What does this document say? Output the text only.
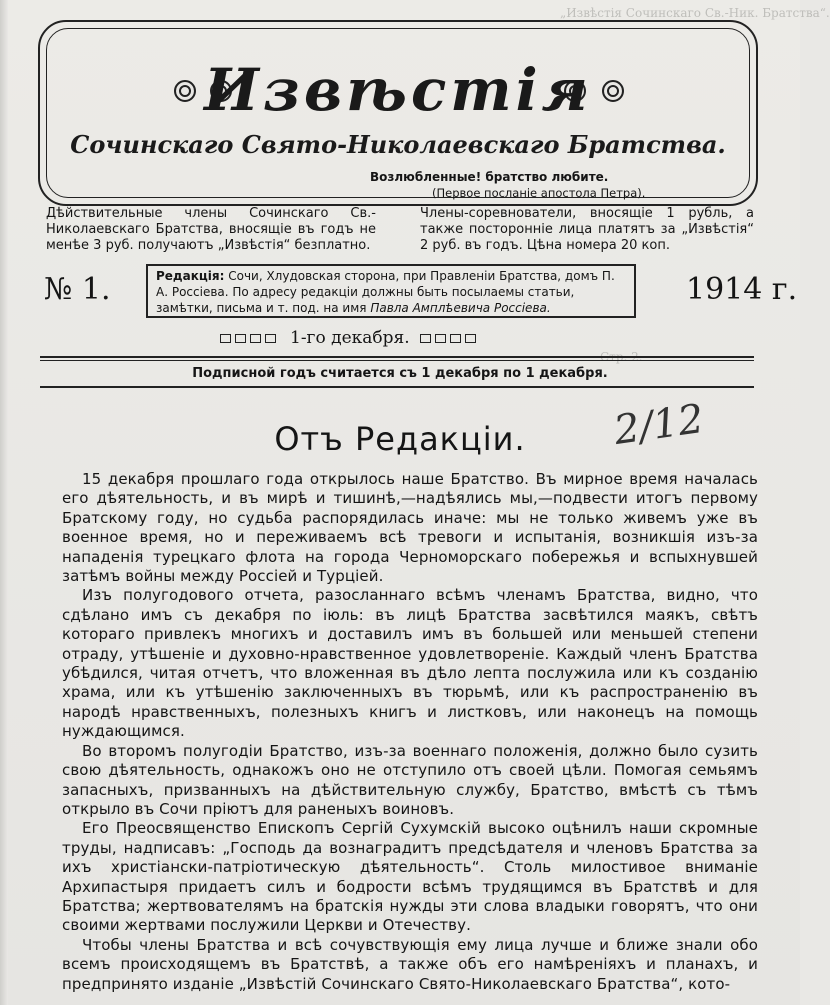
„Извѣстія Сочинскаго Св.-Ник. Братства“.
Извѣстія
Сочинскаго Свято-Николаевскаго Братства.
Возлюбленные! братство любите.
(Первое посланіе апостола Петра).
Дѣйствительные члены Сочинскаго Св.-Николаевскаго Братства, вносящіе въ годъ не менѣе 3 руб. получаютъ „Извѣстія“ безплатно.
Члены-соревнователи, вносящіе 1 рубль, а также посторонніе лица платятъ за „Извѣстія“ 2 руб. въ годъ. Цѣна номера 20 коп.
№ 1.	Редакція: Сочи, Хлудовская сторона, при Правленіи Братства, домъ П. А. Россіева. По адресу редакціи должны быть посылаемы статьи, замѣтки, письма и т. под. на имя Павла Амплѣевича Россіева.
1914 г.
1-го декабря.
Подписной годъ считается съ 1 декабря по 1 декабря.
Отъ Редакціи.	2/12

15 декабря прошлаго года открылось наше Братство. Въ мирное время началась его дѣятельность, и въ мирѣ и тишинѣ,—надѣялись мы,—подвести итогъ первому Братскому году, но судьба распорядилась иначе: мы не только живемъ уже въ военное время, но и переживаемъ всѣ тревоги и испытанія, возникшія изъ-за нападенія турецкаго флота на города Черноморскаго побережья и вспыхнувшей затѣмъ войны между Россіей и Турціей.

Изъ полугодового отчета, разосланнаго всѣмъ членамъ Братства, видно, что сдѣлано имъ съ декабря по іюль: въ лицѣ Братства засвѣтился маякъ, свѣтъ котораго привлекъ многихъ и доставилъ имъ въ большей или меньшей степени отраду, утѣшеніе и духовно-нравственное удовлетвореніе. Каждый членъ Братства убѣдился, читая отчетъ, что вложенная въ дѣло лепта послужила или къ созданію храма, или къ утѣшенію заключенныхъ въ тюрьмѣ, или къ распространенію въ народѣ нравственныхъ, полезныхъ книгъ и листковъ, или наконецъ на помощь нуждающимся.

Во второмъ полугодіи Братство, изъ-за военнаго положенія, должно было сузить свою дѣятельность, однакожъ оно не отступило отъ своей цѣли. Помогая семьямъ запасныхъ, призванныхъ на дѣйствительную службу, Братство, вмѣстѣ съ тѣмъ открыло въ Сочи пріютъ для раненыхъ воиновъ.

Его Преосвященство Епископъ Сергій Сухумскій высоко оцѣнилъ наши скромные труды, надписавъ: „Господь да вознаградитъ предсѣдателя и членовъ Братства за ихъ христіански-патріотическую дѣятельность“. Столь милостивое вниманіе Архипастыря придаетъ силъ и бодрости всѣмъ трудящимся въ Братствѣ и для Братства; жертвователямъ на братскія нужды эти слова владыки говорятъ, что они своими жертвами послужили Церкви и Отечеству.

Чтобы члены Братства и всѣ сочувствующія ему лица лучше и ближе знали обо всемъ происходящемъ въ Братствѣ, а также объ его намѣреніяхъ и планахъ, и предпринято изданіе „Извѣстій Сочинскаго Свято-Николаевскаго Братства“, кото-
